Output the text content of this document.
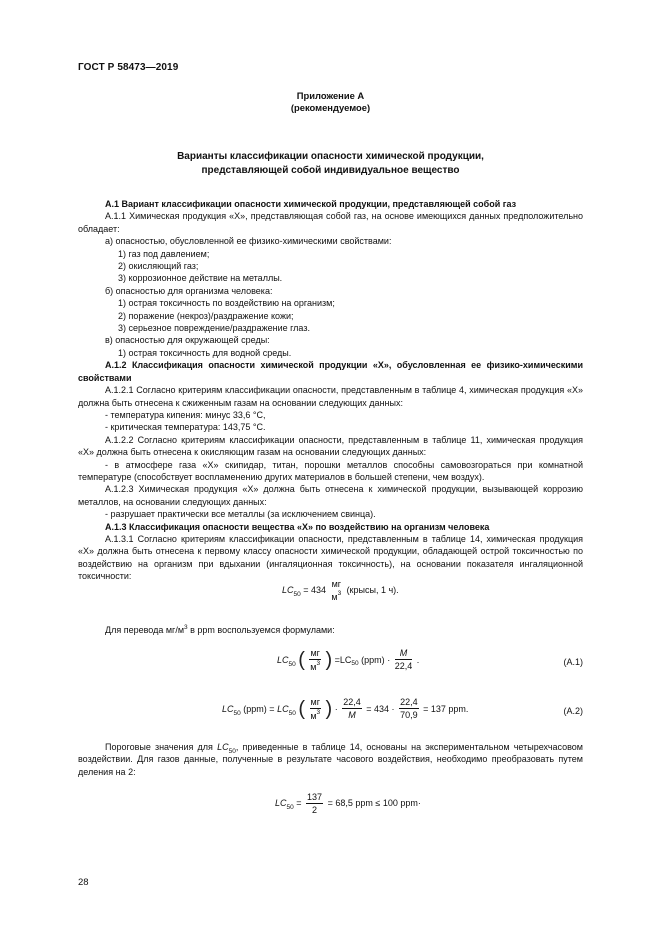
ГОСТ Р 58473—2019
Приложение А
(рекомендуемое)
Варианты классификации опасности химической продукции,
представляющей собой индивидуальное вещество

А.1 Вариант классификации опасности химической продукции, представляющей собой газ

А.1.1 Химическая продукция «Х», представляющая собой газ, на основе имеющихся данных предположительно обладает:

а) опасностью, обусловленной ее физико-химическими свойствами:

1) газ под давлением;

2) окисляющий газ;

3) коррозионное действие на металлы.

б) опасностью для организма человека:

1) острая токсичность по воздействию на организм;

2) поражение (некроз)/раздражение кожи;

3) серьезное повреждение/раздражение глаз.

в) опасностью для окружающей среды:

1) острая токсичность для водной среды.

А.1.2 Классификация опасности химической продукции «Х», обусловленная ее физико-химическими свойствами

А.1.2.1 Согласно критериям классификации опасности, представленным в таблице 4, химическая продукция «Х» должна быть отнесена к сжиженным газам на основании следующих данных:

- температура кипения: минус 33,6 °С,

- критическая температура: 143,75 °С.

А.1.2.2 Согласно критериям классификации опасности, представленным в таблице 11, химическая продукция «Х» должна быть отнесена к окисляющим газам на основании следующих данных:

- в атмосфере газа «Х» скипидар, титан, порошки металлов способны самовозгораться при комнатной температуре (способствует воспламенению других материалов в большей степени, чем воздух).

А.1.2.3 Химическая продукция «Х» должна быть отнесена к химической продукции, вызывающей коррозию металлов, на основании следующих данных:

- разрушает практически все металлы (за исключением свинца).

А.1.3 Классификация опасности вещества «Х» по воздействию на организм человека

А.1.3.1 Согласно критериям классификации опасности, представленным в таблице 14, химическая продукция «Х» должна быть отнесена к первому классу опасности химической продукции, обладающей острой токсичностью по воздействию на организм при вдыхании (ингаляционная токсичность), на основании показателя ингаляционной токсичности:

$LC_{50} = 434$
мг
$м^3$ (крысы, 1 ч).
Для перевода $мг/м^3$ в ppm воспользуемся формулами:
$LC_{50}$ ( $\frac{мг}{м^3}$ ) $=LC_{50}$ $(ppm) \cdot \frac{M}{22,4}$ .	(А.1)
$LC_{50}$ $(ppm) = LC_{50}$ ( $\frac{мг}{м^3}$ ) · $\frac{22,4}{M} = 434 \cdot \frac{22,4}{70,9} = 137$ ppm.	(А.2)
Пороговые значения для $LC_{50}$, приведенные в таблице 14, основаны на экспериментальном четырехчасовом воздействии. Для газов данные, полученные в результате часового воздействия, необходимо преобразовать путем деления на 2:
$LC_{50} = \frac{137}{2} = 68,5$ ppm ≤ 100 ppm·
28
